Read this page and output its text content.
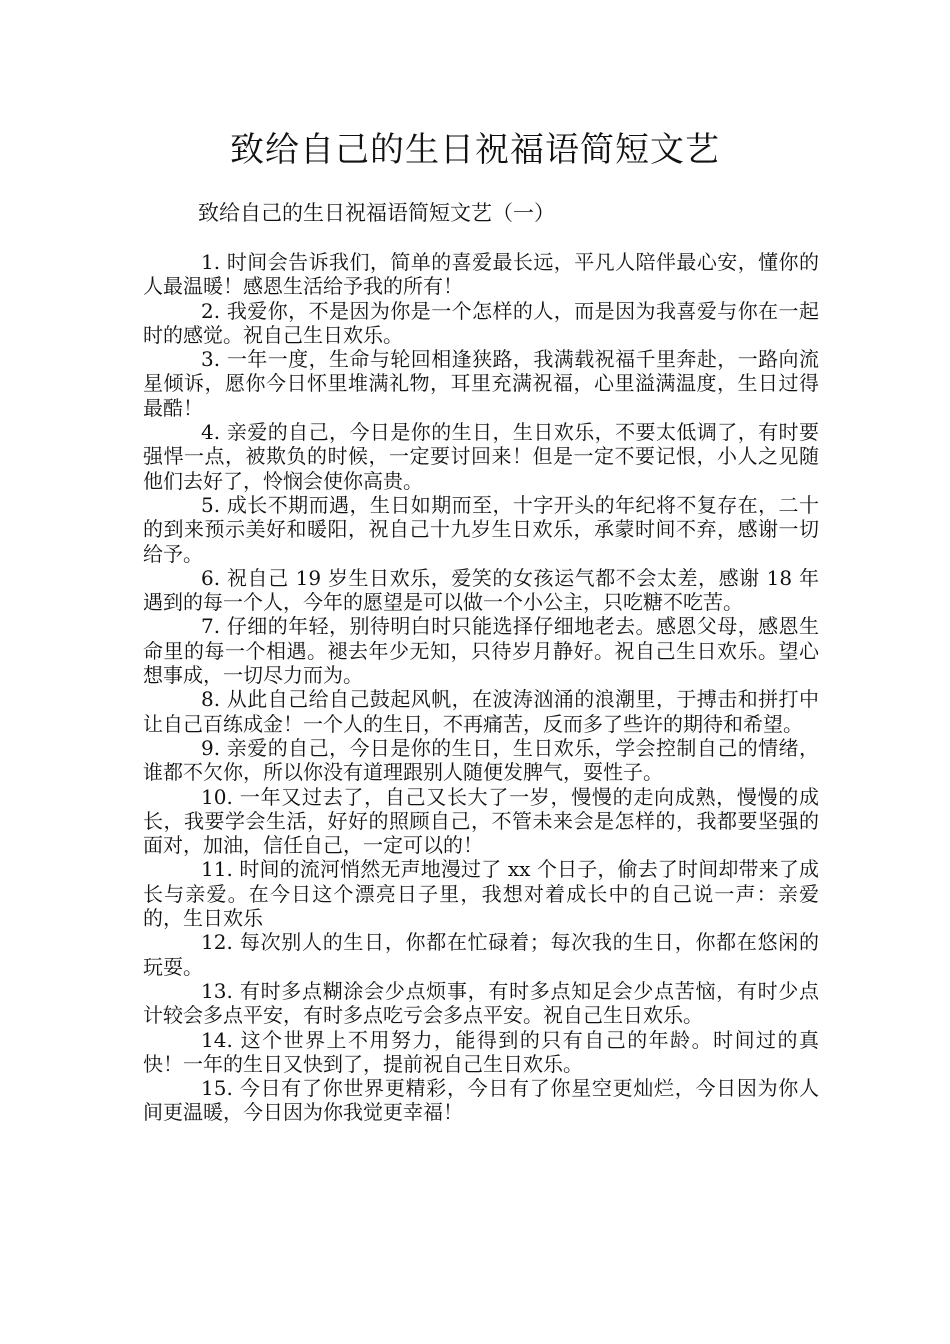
致给自己的生日祝福语简短文艺
致给自己的生日祝福语简短文艺（一）

1. 时间会告诉我们，简单的喜爱最长远，平凡人陪伴最心安，懂你的人最温暖！感恩生活给予我的所有！

2. 我爱你，不是因为你是一个怎样的人，而是因为我喜爱与你在一起时的感觉。祝自己生日欢乐。

3. 一年一度，生命与轮回相逢狭路，我满载祝福千里奔赴，一路向流星倾诉，愿你今日怀里堆满礼物，耳里充满祝福，心里溢满温度，生日过得最酷！

4. 亲爱的自己，今日是你的生日，生日欢乐，不要太低调了，有时要强悍一点，被欺负的时候，一定要讨回来！但是一定不要记恨，小人之见随他们去好了，怜悯会使你高贵。

5. 成长不期而遇，生日如期而至，十字开头的年纪将不复存在，二十的到来预示美好和暖阳，祝自己十九岁生日欢乐，承蒙时间不弃，感谢一切给予。

6. 祝自己 19 岁生日欢乐，爱笑的女孩运气都不会太差，感谢 18 年遇到的每一个人，今年的愿望是可以做一个小公主，只吃糖不吃苦。

7. 仔细的年轻，别待明白时只能选择仔细地老去。感恩父母，感恩生命里的每一个相遇。褪去年少无知，只待岁月静好。祝自己生日欢乐。望心想事成，一切尽力而为。

8. 从此自己给自己鼓起风帆，在波涛汹涌的浪潮里，于搏击和拼打中让自己百练成金！一个人的生日，不再痛苦，反而多了些许的期待和希望。

9. 亲爱的自己，今日是你的生日，生日欢乐，学会控制自己的情绪，谁都不欠你，所以你没有道理跟别人随便发脾气，耍性子。

10. 一年又过去了，自己又长大了一岁，慢慢的走向成熟，慢慢的成长，我要学会生活，好好的照顾自己，不管未来会是怎样的，我都要坚强的面对，加油，信任自己，一定可以的！

11. 时间的流河悄然无声地漫过了 xx 个日子，偷去了时间却带来了成长与亲爱。在今日这个漂亮日子里，我想对着成长中的自己说一声：亲爱的，生日欢乐

12. 每次别人的生日，你都在忙碌着；每次我的生日，你都在悠闲的玩耍。

13. 有时多点糊涂会少点烦事，有时多点知足会少点苦恼，有时少点计较会多点平安，有时多点吃亏会多点平安。祝自己生日欢乐。

14. 这个世界上不用努力，能得到的只有自己的年龄。时间过的真快！一年的生日又快到了，提前祝自己生日欢乐。

15. 今日有了你世界更精彩，今日有了你星空更灿烂，今日因为你人间更温暖，今日因为你我觉更幸福！
